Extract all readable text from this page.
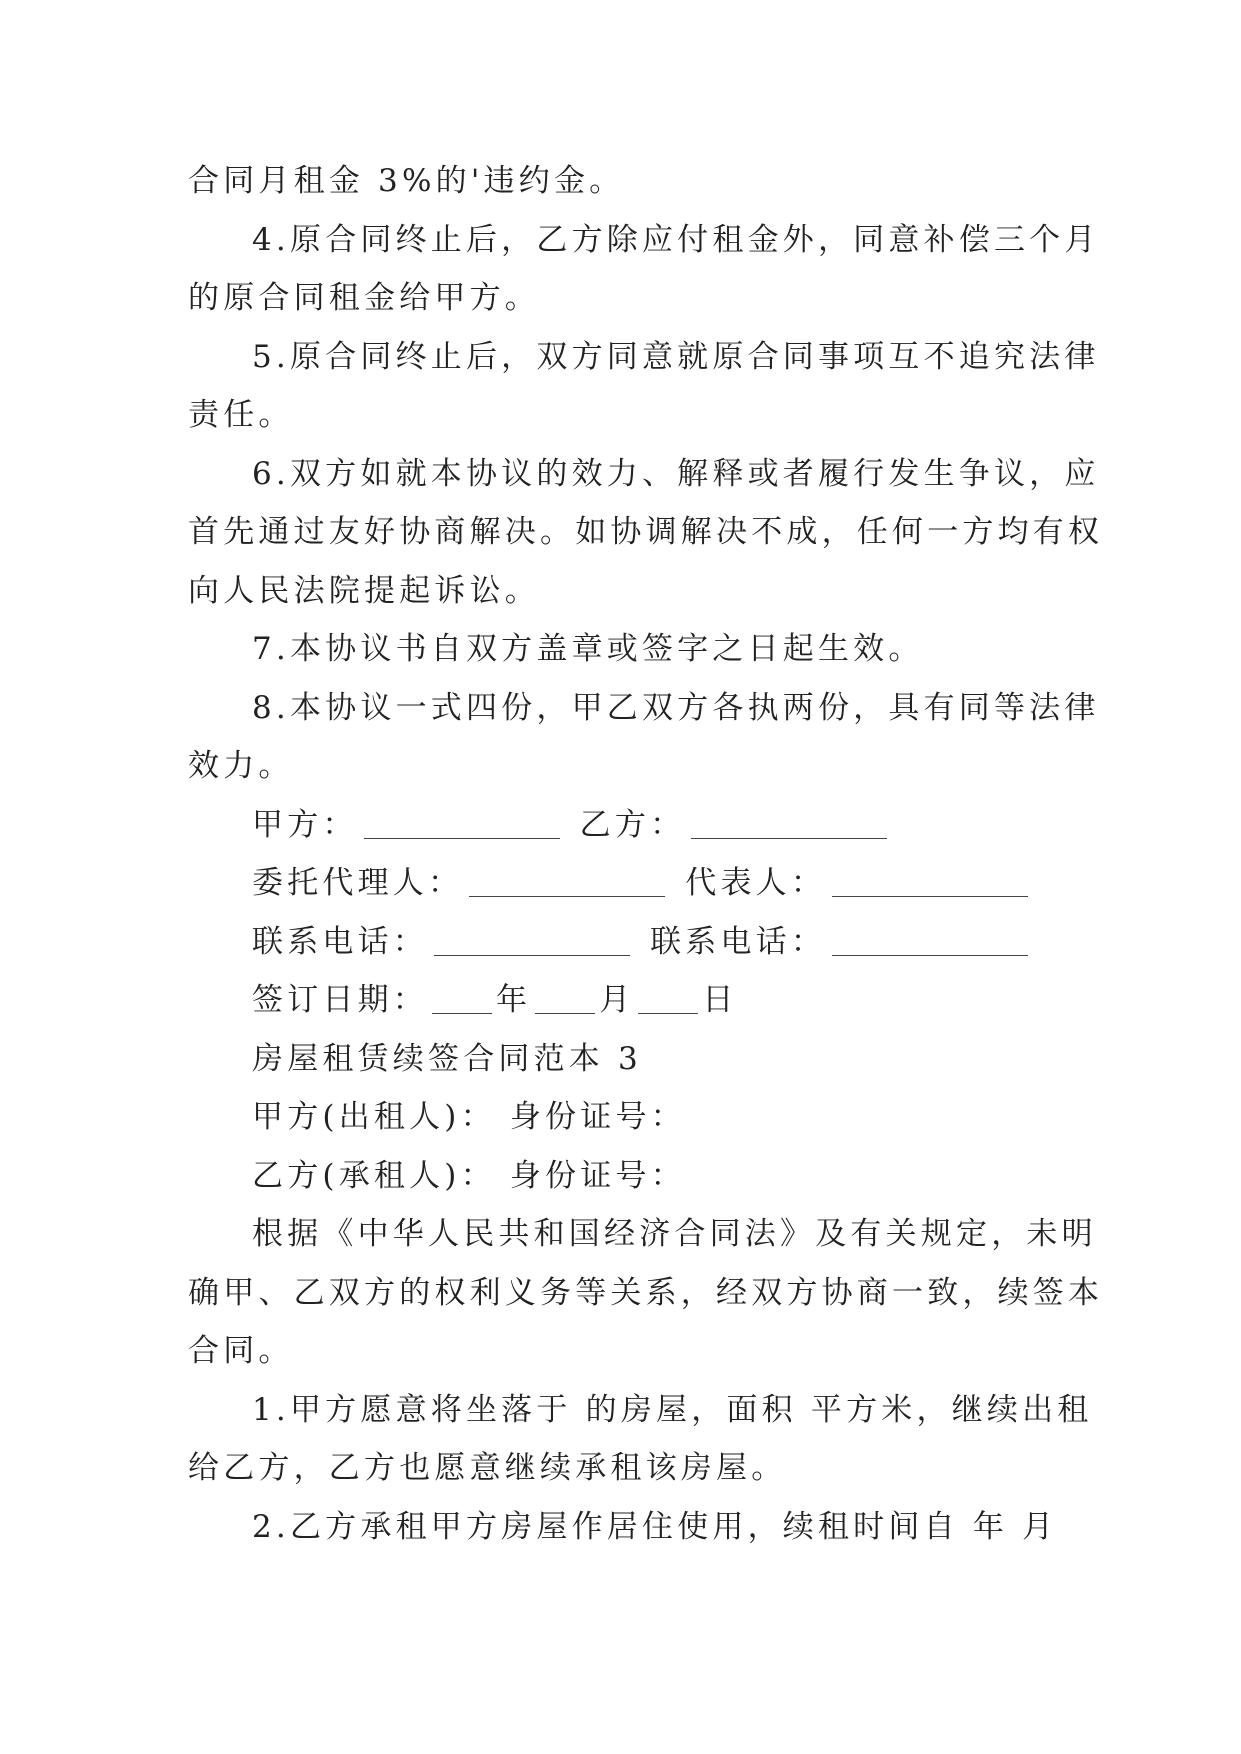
合同月租金 3%的'违约金。
4.原合同终止后，乙方除应付租金外，同意补偿三个月
的原合同租金给甲方。
5.原合同终止后，双方同意就原合同事项互不追究法律
责任。
6.双方如就本协议的效力、解释或者履行发生争议，应
首先通过友好协商解决。如协调解决不成，任何一方均有权
向人民法院提起诉讼。
7.本协议书自双方盖章或签字之日起生效。
8.本协议一式四份，甲乙双方各执两份，具有同等法律
效力。
甲方：	乙方：
委托代理人：	代表人：
联系电话：	联系电话：
签订日期： 年 月 日
房屋租赁续签合同范本 3
甲方(出租人)： 身份证号：
乙方(承租人)： 身份证号：
根据《中华人民共和国经济合同法》及有关规定，未明
确甲、乙双方的权利义务等关系，经双方协商一致，续签本
合同。
1.甲方愿意将坐落于 的房屋，面积 平方米，继续出租
给乙方，乙方也愿意继续承租该房屋。
2.乙方承租甲方房屋作居住使用，续租时间自 年 月
